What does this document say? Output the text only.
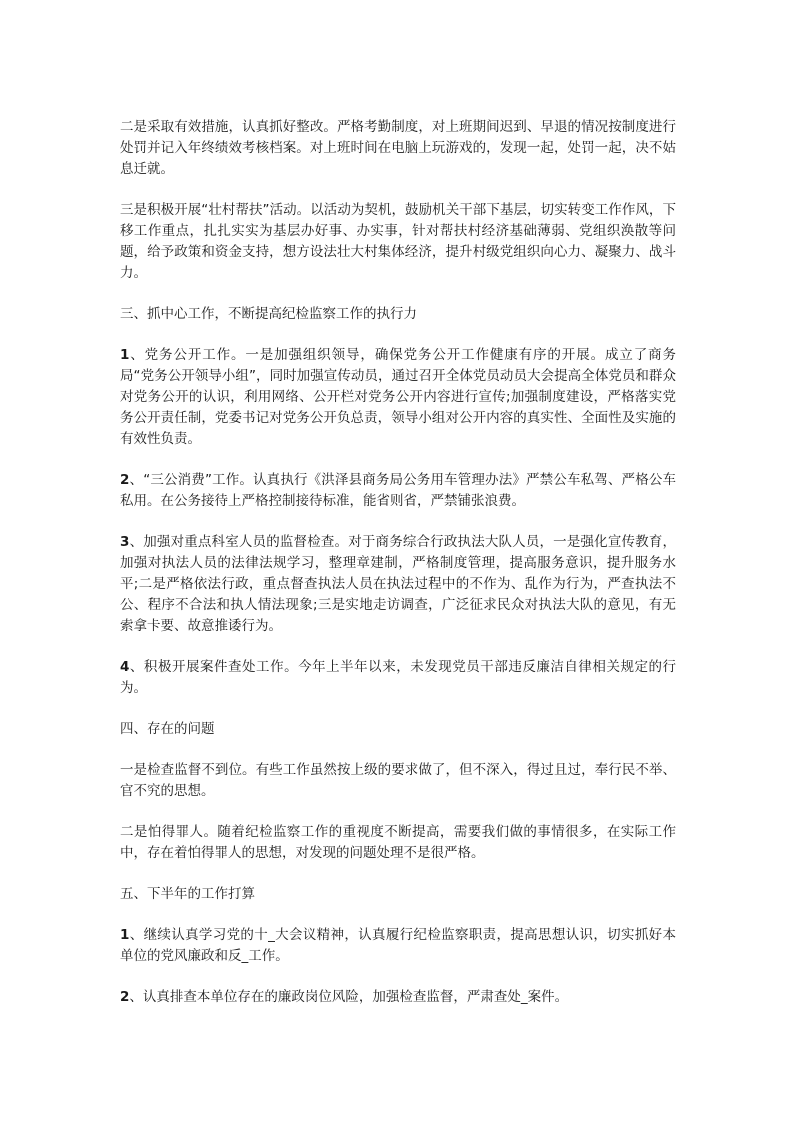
二是采取有效措施，认真抓好整改。严格考勤制度，对上班期间迟到、早退的情况按制度进行处罚并记入年终绩效考核档案。对上班时间在电脑上玩游戏的，发现一起，处罚一起，决不姑息迁就。

三是积极开展“壮村帮扶”活动。以活动为契机，鼓励机关干部下基层，切实转变工作作风，下移工作重点，扎扎实实为基层办好事、办实事，针对帮扶村经济基础薄弱、党组织涣散等问题，给予政策和资金支持，想方设法壮大村集体经济，提升村级党组织向心力、凝聚力、战斗力。

三、抓中心工作，不断提高纪检监察工作的执行力

1、党务公开工作。一是加强组织领导，确保党务公开工作健康有序的开展。成立了商务局“党务公开领导小组”，同时加强宣传动员，通过召开全体党员动员大会提高全体党员和群众对党务公开的认识，利用网络、公开栏对党务公开内容进行宣传;加强制度建设，严格落实党务公开责任制，党委书记对党务公开负总责，领导小组对公开内容的真实性、全面性及实施的有效性负责。

2、“三公消费”工作。认真执行《洪泽县商务局公务用车管理办法》严禁公车私驾、严格公车私用。在公务接待上严格控制接待标准，能省则省，严禁铺张浪费。

3、加强对重点科室人员的监督检查。对于商务综合行政执法大队人员，一是强化宣传教育，加强对执法人员的法律法规学习，整理章建制，严格制度管理，提高服务意识，提升服务水平;二是严格依法行政，重点督查执法人员在执法过程中的不作为、乱作为行为，严查执法不公、程序不合法和执人情法现象;三是实地走访调查，广泛征求民众对执法大队的意见，有无索拿卡要、故意推诿行为。

4、积极开展案件查处工作。今年上半年以来，未发现党员干部违反廉洁自律相关规定的行为。

四、存在的问题

一是检查监督不到位。有些工作虽然按上级的要求做了，但不深入，得过且过，奉行民不举、官不究的思想。

二是怕得罪人。随着纪检监察工作的重视度不断提高，需要我们做的事情很多，在实际工作中，存在着怕得罪人的思想，对发现的问题处理不是很严格。

五、下半年的工作打算

1、继续认真学习党的十_大会议精神，认真履行纪检监察职责，提高思想认识，切实抓好本单位的党风廉政和反_工作。

2、认真排查本单位存在的廉政岗位风险，加强检查监督，严肃查处_案件。
